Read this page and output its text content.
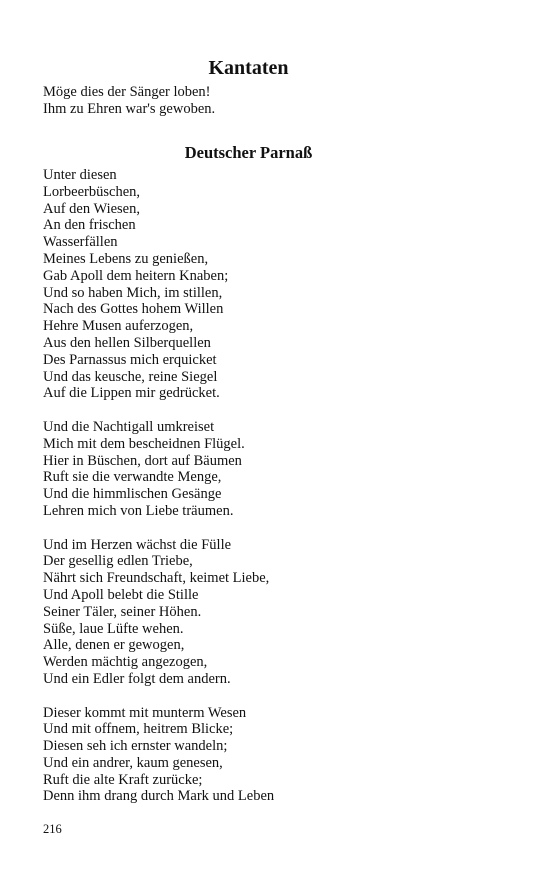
Kantaten
Möge dies der Sänger loben!
Ihm zu Ehren war's gewoben.
Deutscher Parnaß
Unter diesen
Lorbeerbüschen,
Auf den Wiesen,
An den frischen
Wasserfällen
Meines Lebens zu genießen,
Gab Apoll dem heitern Knaben;
Und so haben Mich, im stillen,
Nach des Gottes hohem Willen
Hehre Musen auferzogen,
Aus den hellen Silberquellen
Des Parnassus mich erquicket
Und das keusche, reine Siegel
Auf die Lippen mir gedrücket.
Und die Nachtigall umkreiset
Mich mit dem bescheidnen Flügel.
Hier in Büschen, dort auf Bäumen
Ruft sie die verwandte Menge,
Und die himmlischen Gesänge
Lehren mich von Liebe träumen.
Und im Herzen wächst die Fülle
Der gesellig edlen Triebe,
Nährt sich Freundschaft, keimet Liebe,
Und Apoll belebt die Stille
Seiner Täler, seiner Höhen.
Süße, laue Lüfte wehen.
Alle, denen er gewogen,
Werden mächtig angezogen,
Und ein Edler folgt dem andern.
Dieser kommt mit munterm Wesen
Und mit offnem, heitrem Blicke;
Diesen seh ich ernster wandeln;
Und ein andrer, kaum genesen,
Ruft die alte Kraft zurücke;
Denn ihm drang durch Mark und Leben
216
